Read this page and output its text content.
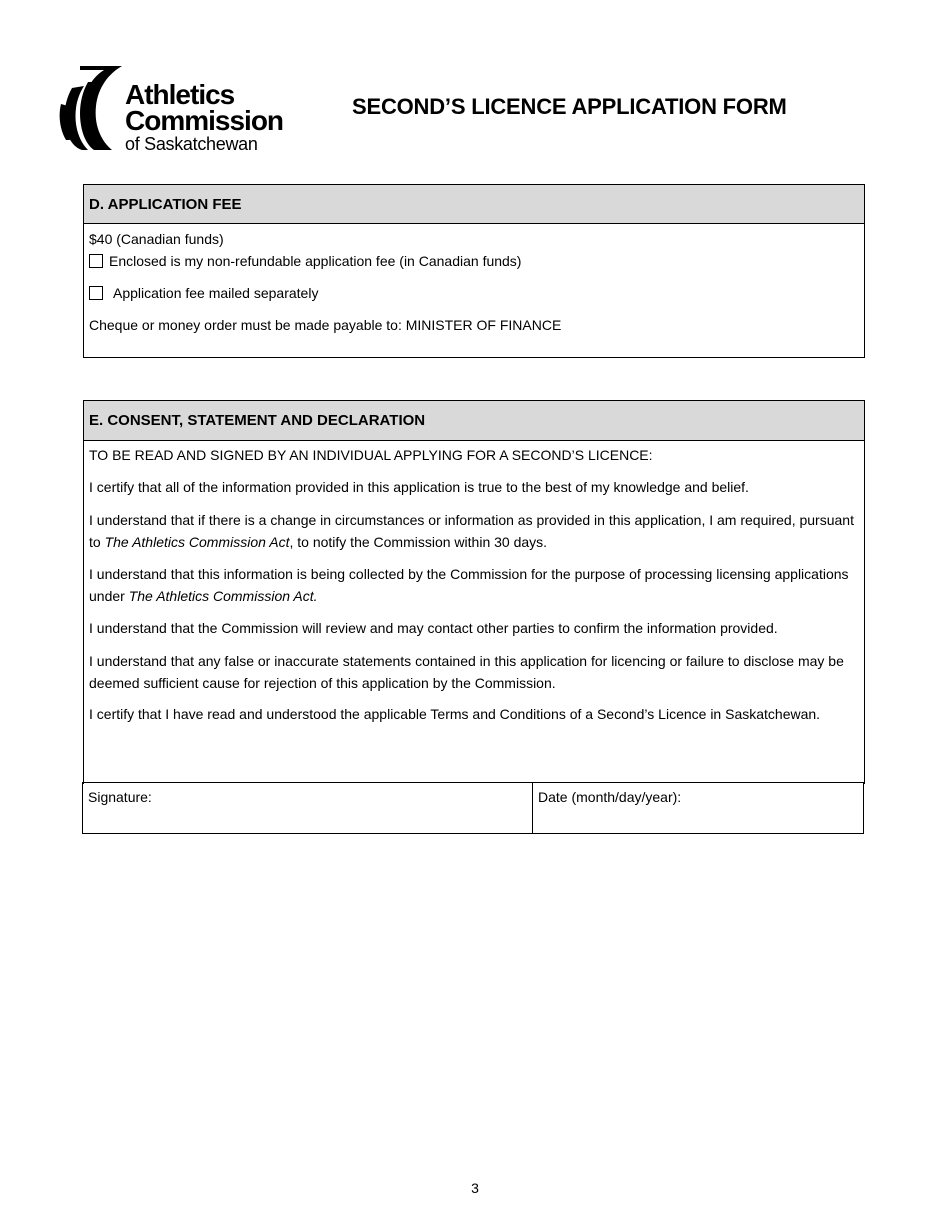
Athletics
Commission
of Saskatchewan
SECOND’S LICENCE APPLICATION FORM
D. APPLICATION FEE
$40 (Canadian funds)
Enclosed is my non-refundable application fee (in Canadian funds)
Application fee mailed separately
Cheque or money order must be made payable to: MINISTER OF FINANCE
E. CONSENT, STATEMENT AND DECLARATION
TO BE READ AND SIGNED BY AN INDIVIDUAL APPLYING FOR A SECOND’S LICENCE:
I certify that all of the information provided in this application is true to the best of my knowledge and belief.
I understand that if there is a change in circumstances or information as provided in this application, I am required, pursuant to The Athletics Commission Act, to notify the Commission within 30 days.
I understand that this information is being collected by the Commission for the purpose of processing licensing applications under The Athletics Commission Act.
I understand that the Commission will review and may contact other parties to confirm the information provided.
I understand that any false or inaccurate statements contained in this application for licencing or failure to disclose may be deemed sufficient cause for rejection of this application by the Commission.
I certify that I have read and understood the applicable Terms and Conditions of a Second’s Licence in Saskatchewan.
Signature:	Date (month/day/year):
3
